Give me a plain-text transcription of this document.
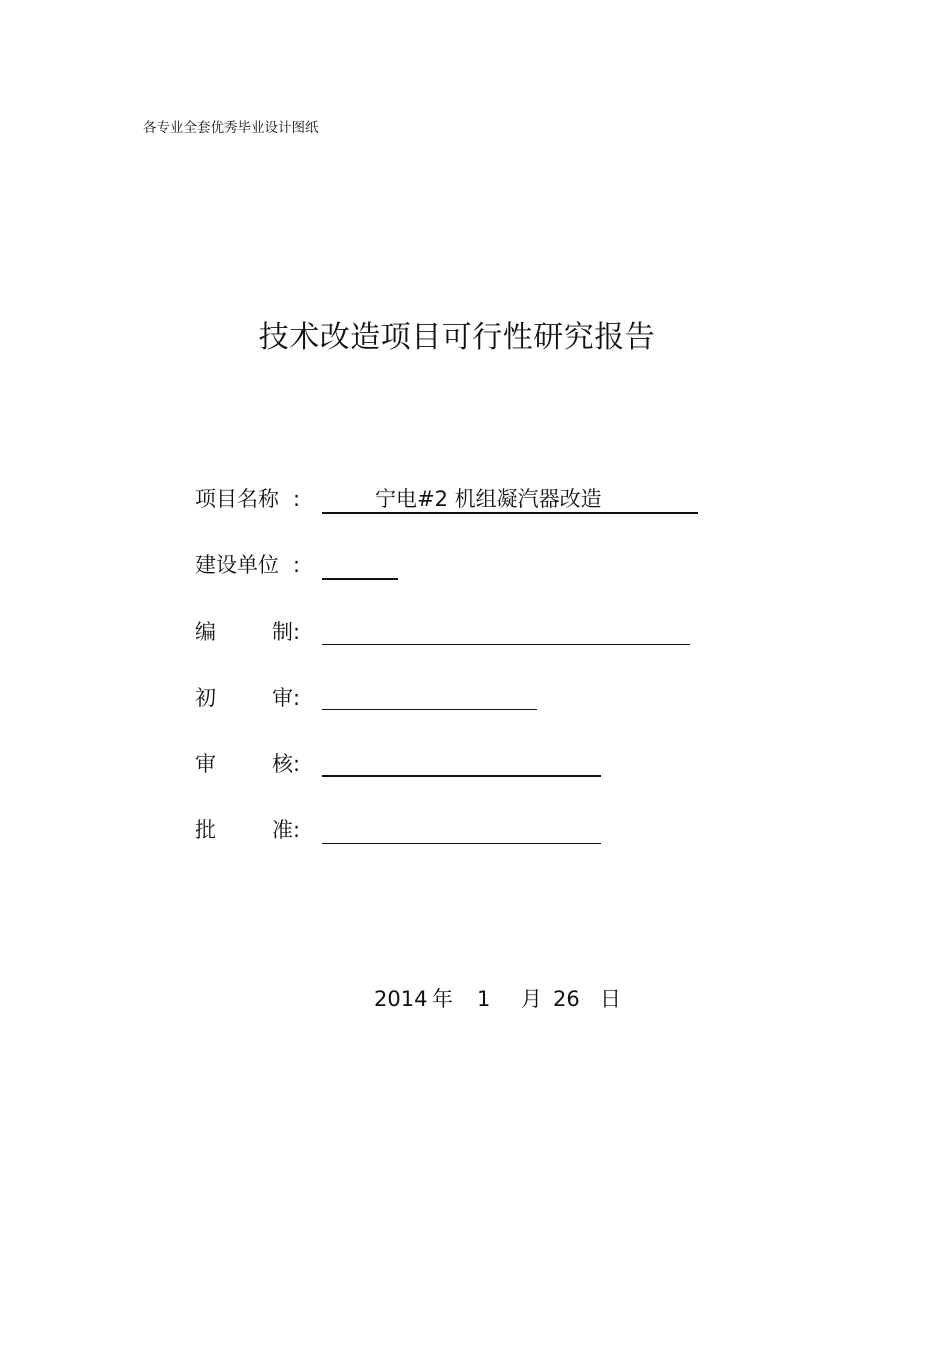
各专业全套优秀毕业设计图纸
技术改造项目可行性研究报告
项目名称 :	宁电#2 机组凝汽器改造
建设单位 :
编	制 :
初	审 :
审	核 :
批	准 :
2014 年 1 月 26 日
